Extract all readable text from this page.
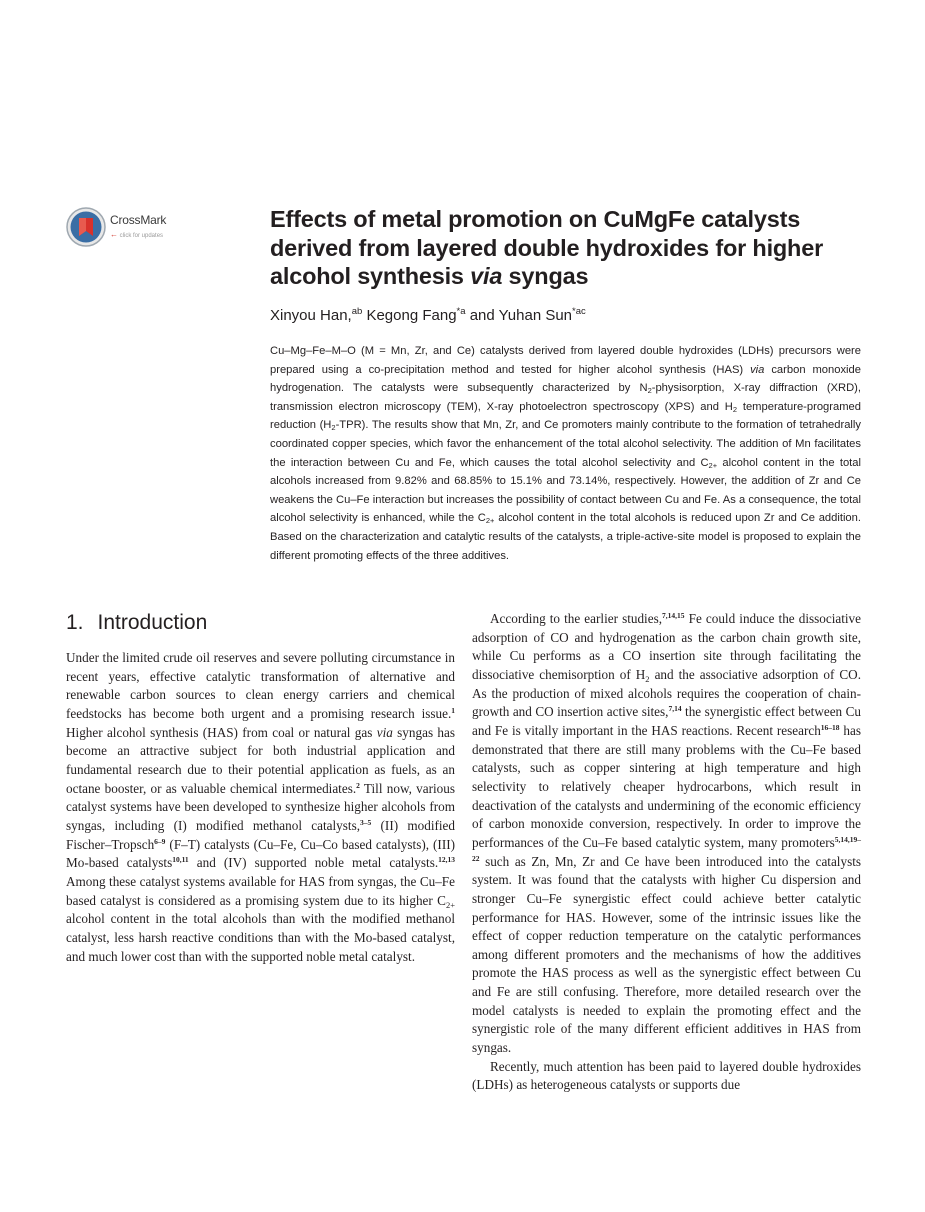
CrossMark
← click for updates
Effects of metal promotion on CuMgFe catalysts derived from layered double hydroxides for higher alcohol synthesis via syngas
Xinyou Han,$^{ab}$ Kegong Fang$^{*a}$ and Yuhan Sun$^{*ac}$

Cu–Mg–Fe–M–O (M = Mn, Zr, and Ce) catalysts derived from layered double hydroxides (LDHs) precursors were prepared using a co-precipitation method and tested for higher alcohol synthesis (HAS) via carbon monoxide hydrogenation. The catalysts were subsequently characterized by $N_2$-physisorption, X-ray diffraction (XRD), transmission electron microscopy (TEM), X-ray photoelectron spectroscopy (XPS) and $H_2$ temperature-programed reduction $(H_2-TPR)$. The results show that Mn, Zr, and Ce promoters mainly contribute to the formation of tetrahedrally coordinated copper species, which favor the enhancement of the total alcohol selectivity. The addition of Mn facilitates the interaction between Cu and Fe, which causes the total alcohol selectivity and $C_{2+}$ alcohol content in the total alcohols increased from 9.82% and 68.85% to 15.1% and 73.14%, respectively. However, the addition of Zr and Ce weakens the Cu–Fe interaction but increases the possibility of contact between Cu and Fe. As a consequence, the total alcohol selectivity is enhanced, while the $C_{2+}$ alcohol content in the total alcohols is reduced upon Zr and Ce addition. Based on the characterization and catalytic results of the catalysts, a triple-active-site model is proposed to explain the different promoting effects of the three additives.

1. Introduction

Under the limited crude oil reserves and severe polluting circumstance in recent years, effective catalytic transformation of alternative and renewable carbon sources to clean energy carriers and chemical feedstocks has become both urgent and a promising research issue.$^1$ Higher alcohol synthesis (HAS) from coal or natural gas via syngas has become an attractive subject for both industrial application and fundamental research due to their potential application as fuels, as an octane booster, or as valuable chemical intermediates.$^2$ Till now, various catalyst systems have been developed to synthesize higher alcohols from syngas, including (I) modified methanol catalysts,$^{3-5}$ (II) modified Fischer–Tropsch$^{6-9}$ (F–T) catalysts (Cu–Fe, Cu–Co based catalysts), (III) Mo-based catalysts$^{10,11}$ and (IV) supported noble metal catalysts.$^{12,13}$ Among these catalyst systems available for HAS from syngas, the Cu–Fe based catalyst is considered as a promising system due to its higher $C_{2+}$ alcohol content in the total alcohols than with the modified methanol catalyst, less harsh reactive conditions than with the Mo-based catalyst, and much lower cost than with the supported noble metal catalyst.

According to the earlier studies,$^{7,14,15}$ Fe could induce the dissociative adsorption of CO and hydrogenation as the carbon chain growth site, while Cu performs as a CO insertion site through facilitating the dissociative chemisorption of $H_2$ and the associative adsorption of CO. As the production of mixed alcohols requires the cooperation of chain-growth and CO insertion active sites,$^{7,14}$ the synergistic effect between Cu and Fe is vitally important in the HAS reactions. Recent research$^{16-18}$ has demonstrated that there are still many problems with the Cu–Fe based catalysts, such as copper sintering at high temperature and high selectivity to relatively cheaper hydrocarbons, which result in deactivation of the catalysts and undermining of the economic efficiency of carbon monoxide conversion, respectively. In order to improve the performances of the Cu–Fe based catalytic system, many promoters$^{5,14,19-22}$ such as Zn, Mn, Zr and Ce have been introduced into the catalysts system. It was found that the catalysts with higher Cu dispersion and stronger Cu–Fe synergistic effect could achieve better catalytic performance for HAS. However, some of the intrinsic issues like the effect of copper reduction temperature on the catalytic performances among different promoters and the mechanisms of how the additives promote the HAS process as well as the synergistic effect between Cu and Fe are still confusing. Therefore, more detailed research over the model catalysts is needed to explain the promoting effect and the synergistic role of the many different efficient additives in HAS from syngas.

Recently, much attention has been paid to layered double hydroxides (LDHs) as heterogeneous catalysts or supports due
